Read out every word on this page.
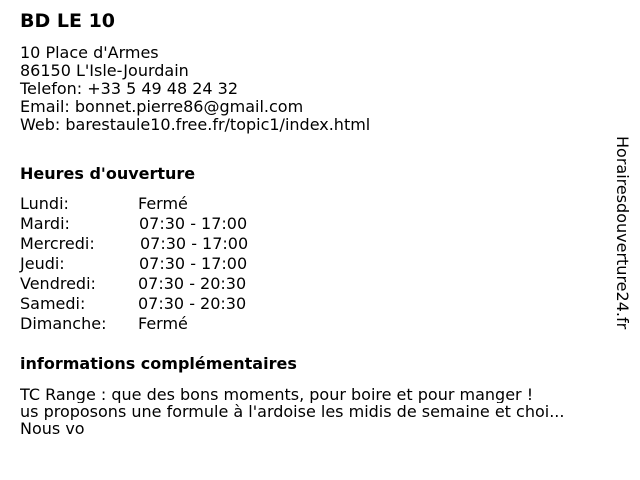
BD LE 10
10 Place d'Armes
86150 L'Isle-Jourdain
Telefon: +33 5 49 48 24 32
Email: bonnet.pierre86@gmail.com
Web: barestaule10.free.fr/topic1/index.html
Heures d'ouverture
Lundi:	Fermé
Mardi:	07:30 - 17:00
Mercredi:	07:30 - 17:00
Jeudi:	07:30 - 17:00
Vendredi:	07:30 - 20:30
Samedi:	07:30 - 20:30
Dimanche: Fermé
informations complémentaires
TC Range : que des bons moments, pour boire et pour manger !
us proposons une formule à l'ardoise les midis de semaine et choi...
Nous vo
Horairesdouverture24.fr
